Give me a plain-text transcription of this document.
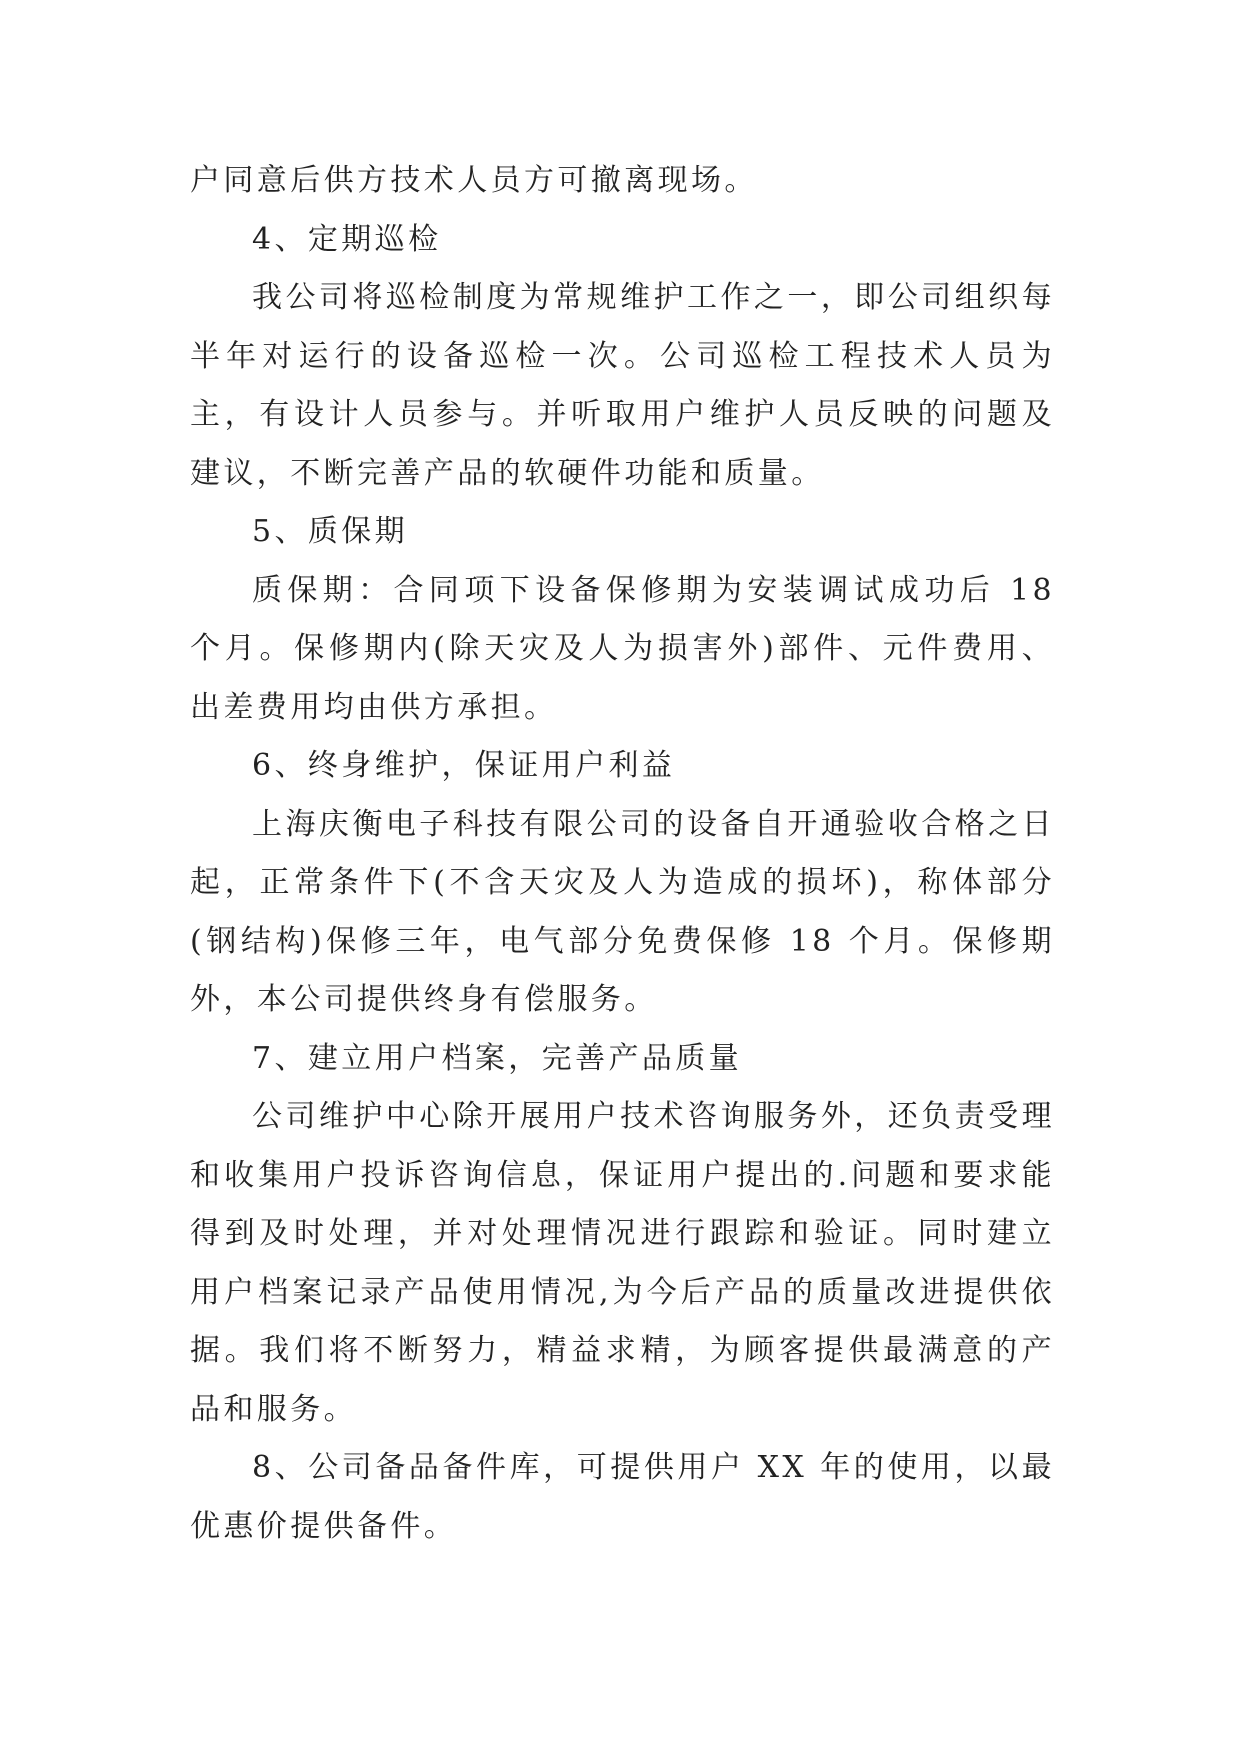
户同意后供方技术人员方可撤离现场。

4、定期巡检

我公司将巡检制度为常规维护工作之一，即公司组织每半年对运行的设备巡检一次。公司巡检工程技术人员为主，有设计人员参与。并听取用户维护人员反映的问题及建议，不断完善产品的软硬件功能和质量。

5、质保期

质保期：合同项下设备保修期为安装调试成功后 18 个月。保修期内(除天灾及人为损害外)部件、元件费用、出差费用均由供方承担。

6、终身维护，保证用户利益

上海庆衡电子科技有限公司的设备自开通验收合格之日起，正常条件下(不含天灾及人为造成的损坏)，称体部分(钢结构)保修三年，电气部分免费保修 18 个月。保修期外，本公司提供终身有偿服务。

7、建立用户档案，完善产品质量

公司维护中心除开展用户技术咨询服务外，还负责受理和收集用户投诉咨询信息，保证用户提出的.问题和要求能得到及时处理，并对处理情况进行跟踪和验证。同时建立用户档案记录产品使用情况,为今后产品的质量改进提供依据。我们将不断努力，精益求精，为顾客提供最满意的产品和服务。

8、公司备品备件库，可提供用户 XX 年的使用，以最优惠价提供备件。
